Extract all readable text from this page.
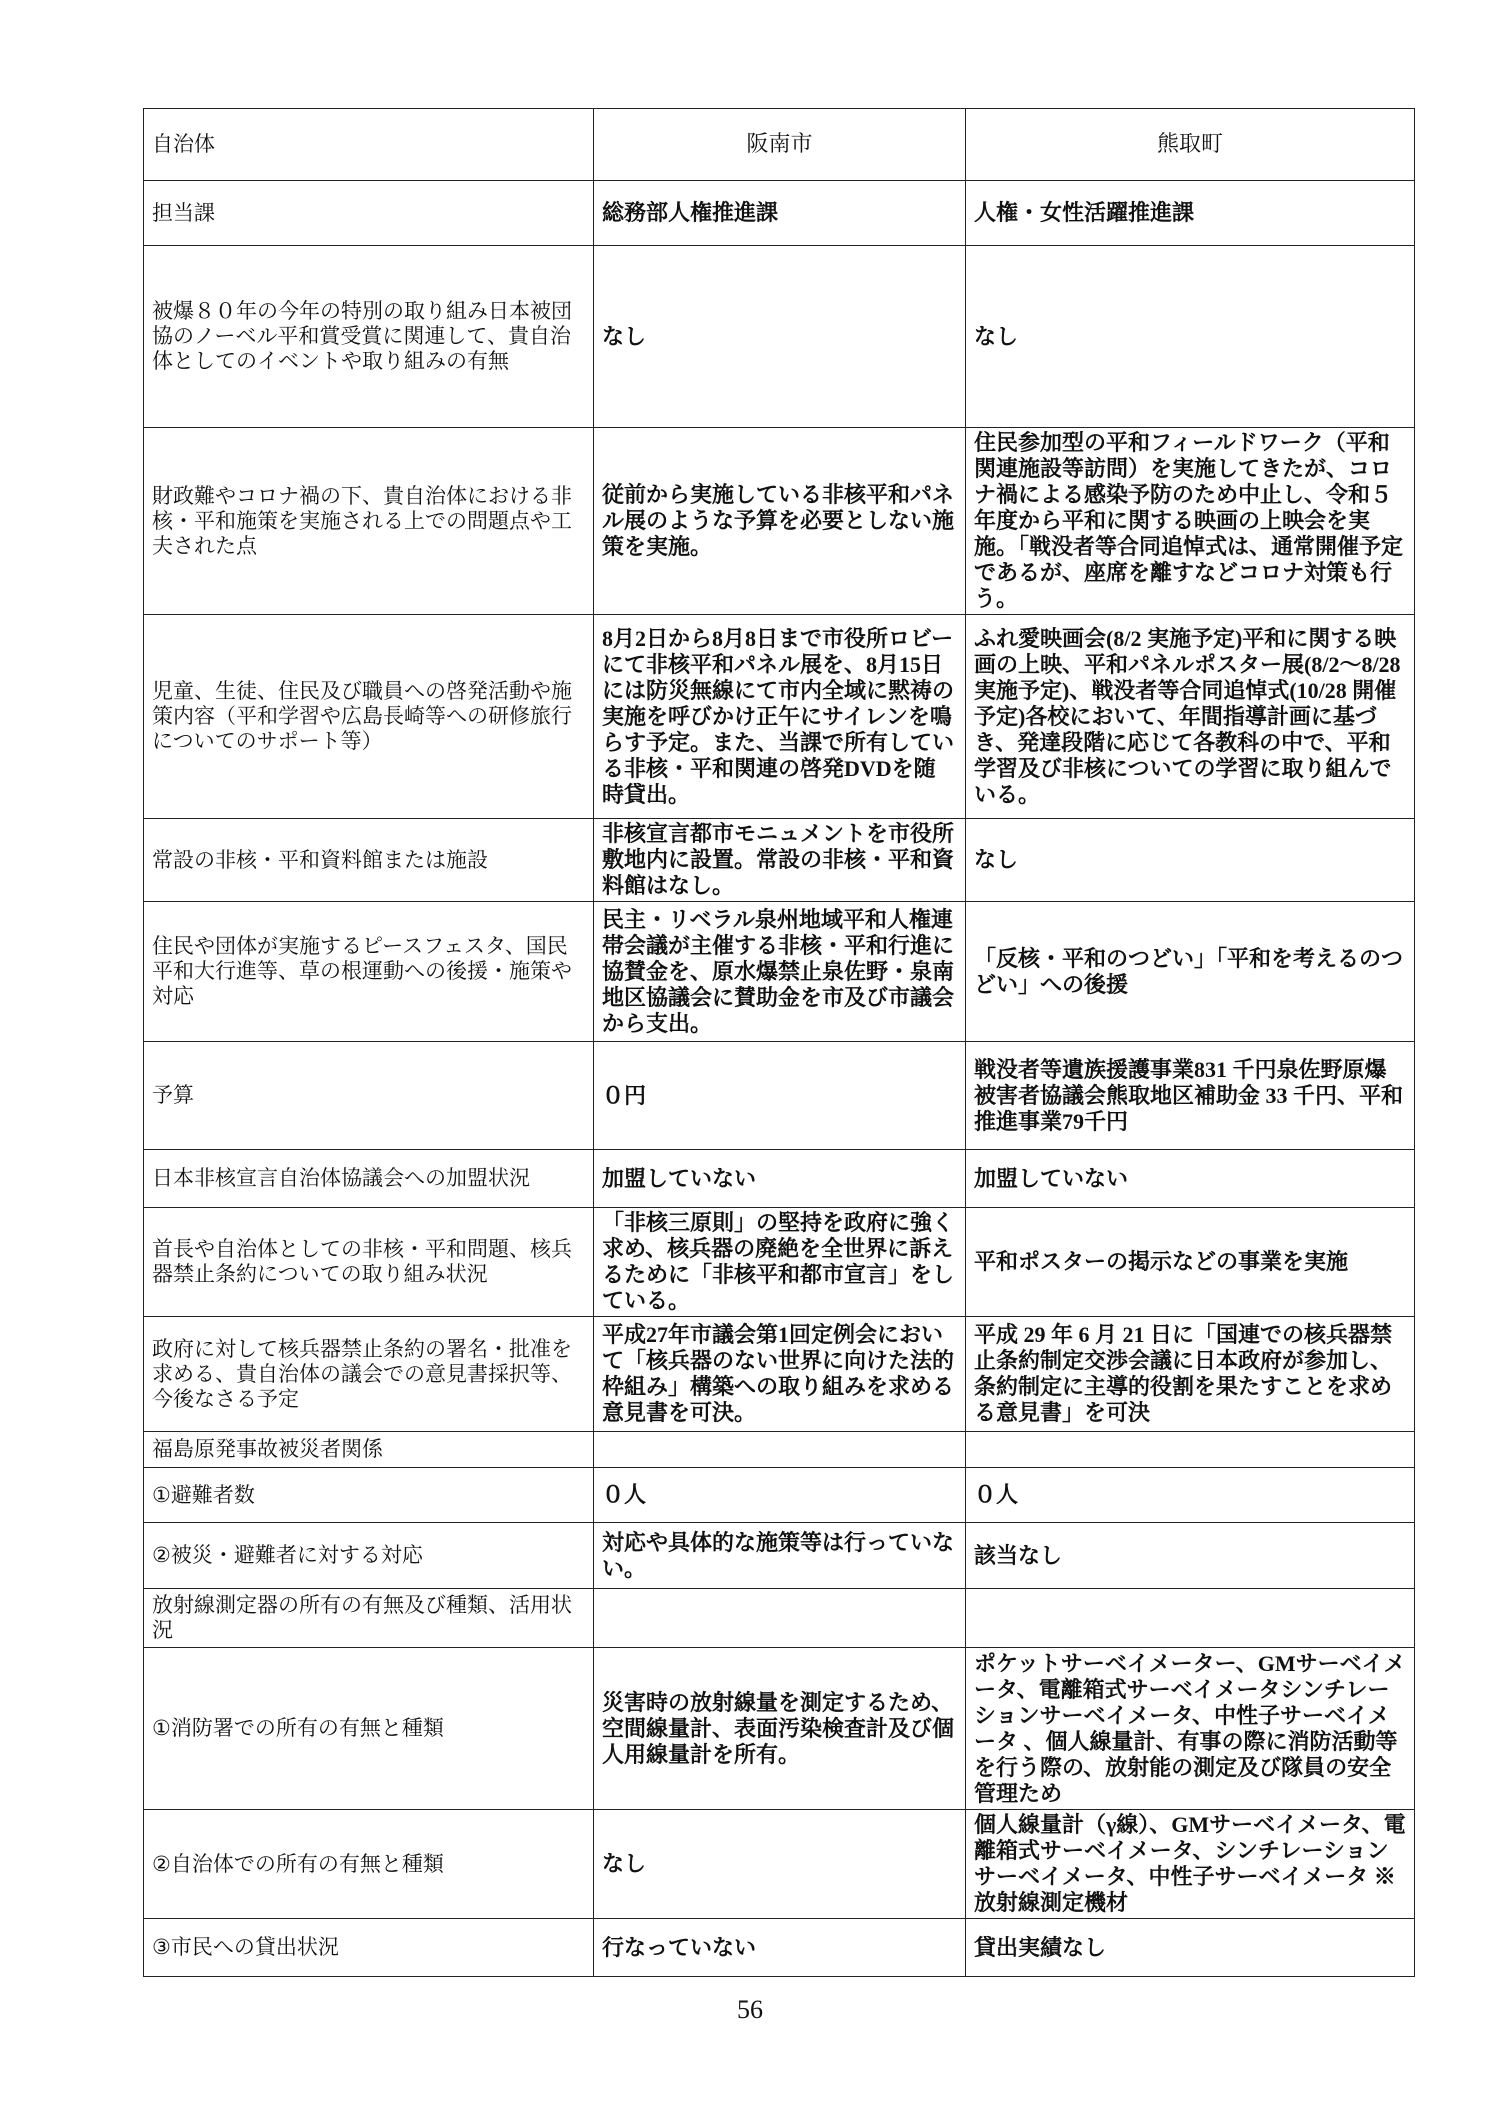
自治体	阪南市	熊取町
担当課	総務部人権推進課	人権・女性活躍推進課
被爆８０年の今年の特別の取り組み日本被団協のノーベル平和賞受賞に関連して、貴自治体としてのイベントや取り組みの有無	なし	なし
財政難やコロナ禍の下、貴自治体における非核・平和施策を実施される上での問題点や工夫された点	従前から実施している非核平和パネル展のような予算を必要としない施策を実施。	住民参加型の平和フィールドワーク（平和関連施設等訪問）を実施してきたが、コロナ禍による感染予防のため中止し、令和５年度から平和に関する映画の上映会を実施。「戦没者等合同追悼式は、通常開催予定であるが、座席を離すなどコロナ対策も行う。
児童、生徒、住民及び職員への啓発活動や施策内容（平和学習や広島長崎等への研修旅行についてのサポート等）	8月2日から8月8日まで市役所ロビーにて非核平和パネル展を、8月15日には防災無線にて市内全域に黙祷の実施を呼びかけ正午にサイレンを鳴らす予定。また、当課で所有している非核・平和関連の啓発DVDを随時貸出。	ふれ愛映画会(8/2 実施予定)平和に関する映画の上映、平和パネルポスター展(8/2～8/28 実施予定)、戦没者等合同追悼式(10/28 開催予定)各校において、年間指導計画に基づき、発達段階に応じて各教科の中で、平和学習及び非核についての学習に取り組んでいる。
常設の非核・平和資料館または施設	非核宣言都市モニュメントを市役所敷地内に設置。常設の非核・平和資料館はなし。	なし
住民や団体が実施するピースフェスタ、国民平和大行進等、草の根運動への後援・施策や対応	民主・リベラル泉州地域平和人権連帯会議が主催する非核・平和行進に協賛金を、原水爆禁止泉佐野・泉南地区協議会に賛助金を市及び市議会から支出。	「反核・平和のつどい」「平和を考えるのつどい」への後援
予算	０円	戦没者等遺族援護事業831 千円泉佐野原爆被害者協議会熊取地区補助金 33 千円、平和推進事業79千円
日本非核宣言自治体協議会への加盟状況	加盟していない	加盟していない
首長や自治体としての非核・平和問題、核兵器禁止条約についての取り組み状況	「非核三原則」の堅持を政府に強く求め、核兵器の廃絶を全世界に訴えるために「非核平和都市宣言」をしている。	平和ポスターの掲示などの事業を実施
政府に対して核兵器禁止条約の署名・批准を求める、貴自治体の議会での意見書採択等、今後なさる予定	平成27年市議会第1回定例会において「核兵器のない世界に向けた法的枠組み」構築への取り組みを求める意見書を可決。	平成 29 年 6 月 21 日に「国連での核兵器禁止条約制定交渉会議に日本政府が参加し、条約制定に主導的役割を果たすことを求める意見書」を可決
福島原発事故被災者関係		
①避難者数	０人	０人
②被災・避難者に対する対応	対応や具体的な施策等は行っていない。	該当なし
放射線測定器の所有の有無及び種類、活用状況		
①消防署での所有の有無と種類	災害時の放射線量を測定するため、空間線量計、表面汚染検査計及び個人用線量計を所有。	ポケットサーベイメーター、GMサーベイメータ、電離箱式サーベイメータシンチレーションサーベイメータ、中性子サーベイメータ 、個人線量計、有事の際に消防活動等を行う際の、放射能の測定及び隊員の安全管理ため
②自治体での所有の有無と種類	なし	個人線量計（γ線）、GMサーベイメータ、電離箱式サーベイメータ、シンチレーションサーベイメータ、中性子サーベイメータ ※放射線測定機材
③市民への貸出状況	行なっていない	貸出実績なし
56
